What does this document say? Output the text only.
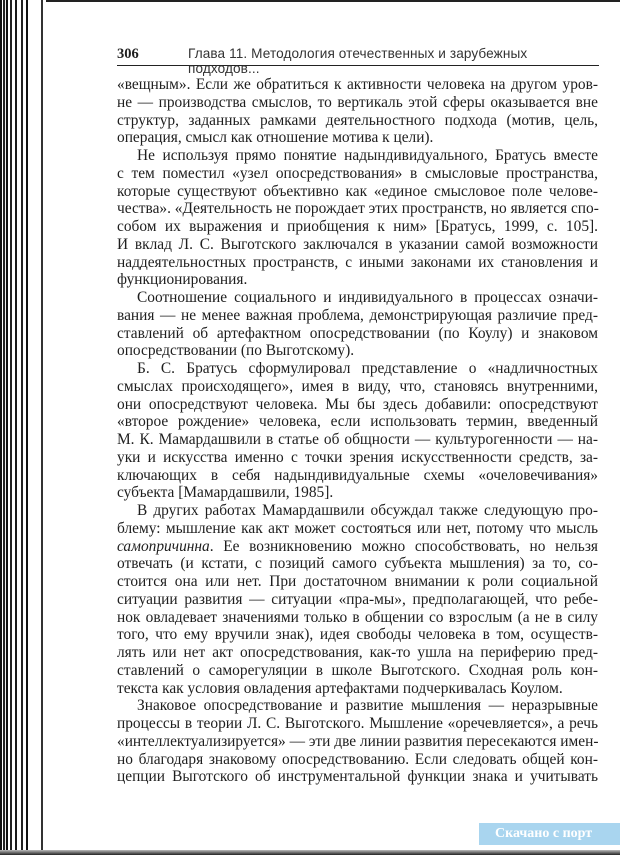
306	Глава 11. Методология отечественных и зарубежных подходов...
«вещным». Если же обратиться к активности человека на другом уров-
не — производства смыслов, то вертикаль этой сферы оказывается вне
структур, заданных рамками деятельностного подхода (мотив, цель,
операция, смысл как отношение мотива к цели).
Не используя прямо понятие надындивидуального, Братусь вместе
с тем поместил «узел опосредствования» в смысловые пространства,
которые существуют объективно как «единое смысловое поле челове-
чества». «Деятельность не порождает этих пространств, но является спо-
собом их выражения и приобщения к ним» [Братусь, 1999, с. 105].
И вклад Л. С. Выготского заключался в указании самой возможности
наддеятельностных пространств, с иными законами их становления и
функционирования.
Соотношение социального и индивидуального в процессах означи-
вания — не менее важная проблема, демонстрирующая различие пред-
ставлений об артефактном опосредствовании (по Коулу) и знаковом
опосредствовании (по Выготскому).
Б. С. Братусь сформулировал представление о «надличностных
смыслах происходящего», имея в виду, что, становясь внутренними,
они опосредствуют человека. Мы бы здесь добавили: опосредствуют
«второе рождение» человека, если использовать термин, введенный
М. К. Мамардашвили в статье об общности — культурогенности — на-
уки и искусства именно с точки зрения искусственности средств, за-
ключающих в себя надындивидуальные схемы «очеловечивания»
субъекта [Мамардашвили, 1985].
В других работах Мамардашвили обсуждал также следующую про-
блему: мышление как акт может состояться или нет, потому что мысль
самопричинна. Ее возникновению можно способствовать, но нельзя
отвечать (и кстати, с позиций самого субъекта мышления) за то, со-
стоится она или нет. При достаточном внимании к роли социальной
ситуации развития — ситуации «пра-мы», предполагающей, что ребе-
нок овладевает значениями только в общении со взрослым (а не в силу
того, что ему вручили знак), идея свободы человека в том, осуществ-
лять или нет акт опосредствования, как-то ушла на периферию пред-
ставлений о саморегуляции в школе Выготского. Сходная роль кон-
текста как условия овладения артефактами подчеркивалась Коулом.
Знаковое опосредствование и развитие мышления — неразрывные
процессы в теории Л. С. Выготского. Мышление «оречевляется», а речь
«интеллектуализируется» — эти две линии развития пересекаются имен-
но благодаря знаковому опосредствованию. Если следовать общей кон-
цепции Выготского об инструментальной функции знака и учитывать
Скачано с порт
